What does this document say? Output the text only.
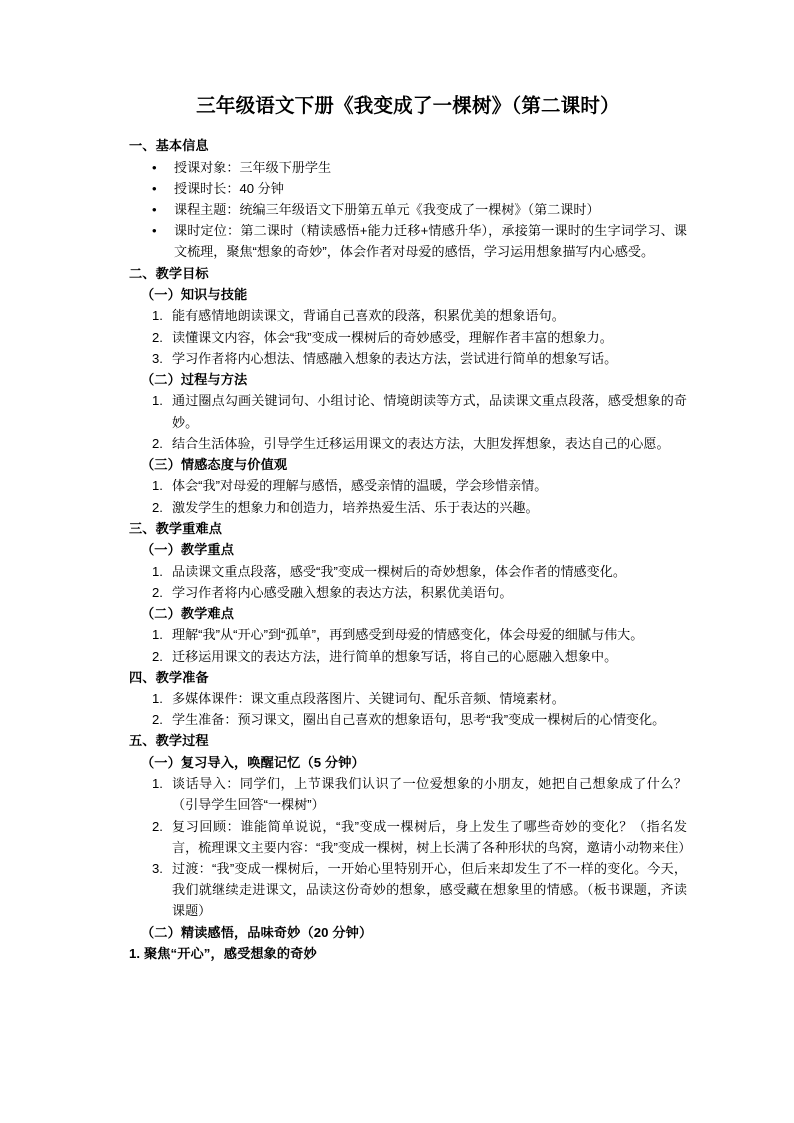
三年级语文下册《我变成了一棵树》（第二课时）
一、基本信息
• 授课对象：三年级下册学生
• 授课时长：40 分钟
• 课程主题：统编三年级语文下册第五单元《我变成了一棵树》（第二课时）
• 课时定位：第二课时（精读感悟+能力迁移+情感升华），承接第一课时的生字词学习、课文梳理，聚焦“想象的奇妙”，体会作者对母爱的感悟，学习运用想象描写内心感受。
二、教学目标
（一）知识与技能
能有感情地朗读课文，背诵自己喜欢的段落，积累优美的想象语句。
读懂课文内容，体会“我”变成一棵树后的奇妙感受，理解作者丰富的想象力。
学习作者将内心想法、情感融入想象的表达方法，尝试进行简单的想象写话。
（二）过程与方法
通过圈点勾画关键词句、小组讨论、情境朗读等方式，品读课文重点段落，感受想象的奇妙。
结合生活体验，引导学生迁移运用课文的表达方法，大胆发挥想象，表达自己的心愿。
（三）情感态度与价值观
体会“我”对母爱的理解与感悟，感受亲情的温暖，学会珍惜亲情。
激发学生的想象力和创造力，培养热爱生活、乐于表达的兴趣。
三、教学重难点
（一）教学重点
品读课文重点段落，感受“我”变成一棵树后的奇妙想象，体会作者的情感变化。
学习作者将内心感受融入想象的表达方法，积累优美语句。
（二）教学难点
理解“我”从“开心”到“孤单”，再到感受到母爱的情感变化，体会母爱的细腻与伟大。
迁移运用课文的表达方法，进行简单的想象写话，将自己的心愿融入想象中。
四、教学准备
多媒体课件：课文重点段落图片、关键词句、配乐音频、情境素材。
学生准备：预习课文，圈出自己喜欢的想象语句，思考“我”变成一棵树后的心情变化。
五、教学过程
（一）复习导入，唤醒记忆（5 分钟）
谈话导入：同学们，上节课我们认识了一位爱想象的小朋友，她把自己想象成了什么？（引导学生回答“一棵树”）
复习回顾：谁能简单说说，“我”变成一棵树后，身上发生了哪些奇妙的变化？（指名发言，梳理课文主要内容：“我”变成一棵树，树上长满了各种形状的鸟窝，邀请小动物来住）
过渡：“我”变成一棵树后，一开始心里特别开心，但后来却发生了不一样的变化。今天，我们就继续走进课文，品读这份奇妙的想象，感受藏在想象里的情感。（板书课题，齐读课题）
（二）精读感悟，品味奇妙（20 分钟）
1. 聚焦“开心”，感受想象的奇妙
